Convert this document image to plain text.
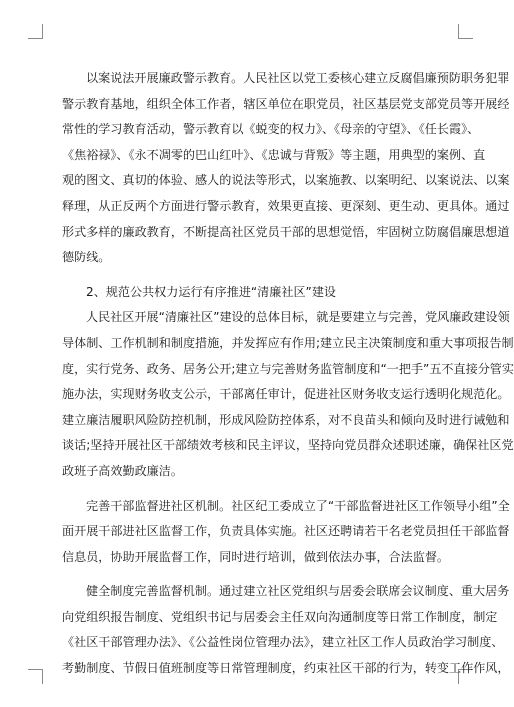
以案说法开展廉政警示教育。人民社区以党工委核心建立反腐倡廉预防职务犯罪
警示教育基地，组织全体工作者，辖区单位在职党员，社区基层党支部党员等开展经
常性的学习教育活动，警示教育以《蜕变的权力》、《母亲的守望》、《任长霞》、
《焦裕禄》、《永不凋零的巴山红叶》、《忠诚与背叛》等主题，用典型的案例、直
观的图文、真切的体验、感人的说法等形式，以案施教、以案明纪、以案说法、以案
释理，从正反两个方面进行警示教育，效果更直接、更深刻、更生动、更具体。通过
形式多样的廉政教育，不断提高社区党员干部的思想觉悟，牢固树立防腐倡廉思想道
德防线。
2、规范公共权力运行有序推进“清廉社区”建设
人民社区开展“清廉社区”建设的总体目标，就是要建立与完善，党风廉政建设领
导体制、工作机制和制度措施，并发挥应有作用;建立民主决策制度和重大事项报告制
度，实行党务、政务、居务公开;建立与完善财务监管制度和“一把手”五不直接分管实
施办法，实现财务收支公示，干部离任审计，促进社区财务收支运行透明化规范化。
建立廉洁履职风险防控机制，形成风险防控体系，对不良苗头和倾向及时进行诫勉和
谈话;坚持开展社区干部绩效考核和民主评议，坚持向党员群众述职述廉，确保社区党
政班子高效勤政廉洁。
完善干部监督进社区机制。社区纪工委成立了“干部监督进社区工作领导小组”全
面开展干部进社区监督工作，负责具体实施。社区还聘请若干名老党员担任干部监督
信息员，协助开展监督工作，同时进行培训，做到依法办事，合法监督。
健全制度完善监督机制。通过建立社区党组织与居委会联席会议制度、重大居务
向党组织报告制度、党组织书记与居委会主任双向沟通制度等日常工作制度，制定
《社区干部管理办法》、《公益性岗位管理办法》，建立社区工作人员政治学习制度、
考勤制度、节假日值班制度等日常管理制度，约束社区干部的行为，转变工作作风，
